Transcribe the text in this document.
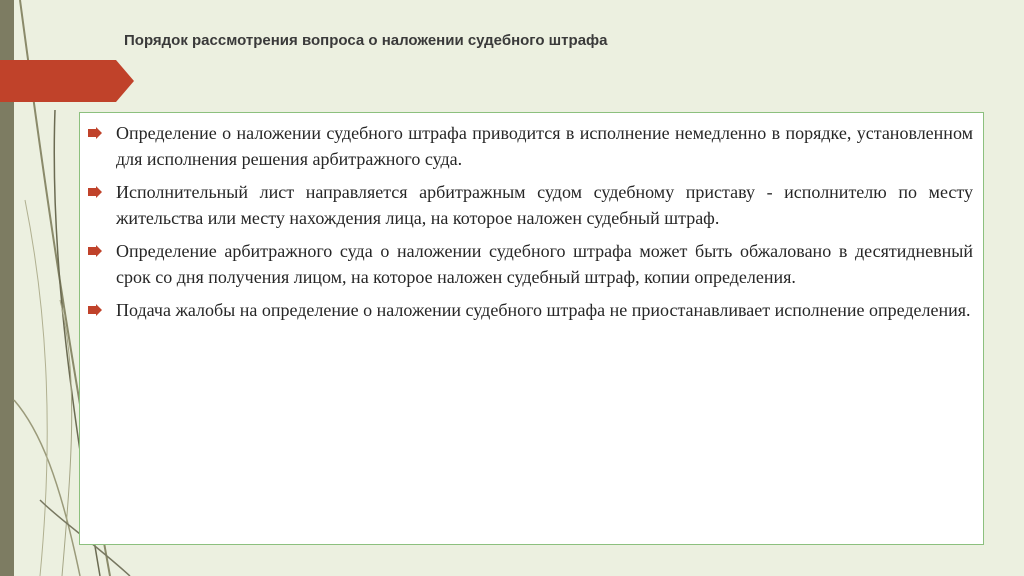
Порядок рассмотрения вопроса о наложении судебного штрафа
Определение о наложении судебного штрафа приводится в исполнение немедленно в порядке, установленном для исполнения решения арбитражного суда.
Исполнительный лист направляется арбитражным судом судебному приставу - исполнителю по месту жительства или месту нахождения лица, на которое наложен судебный штраф.
Определение арбитражного суда о наложении судебного штрафа может быть обжаловано в десятидневный срок со дня получения лицом, на которое наложен судебный штраф, копии определения.
Подача жалобы на определение о наложении судебного штрафа не приостанавливает исполнение определения.
